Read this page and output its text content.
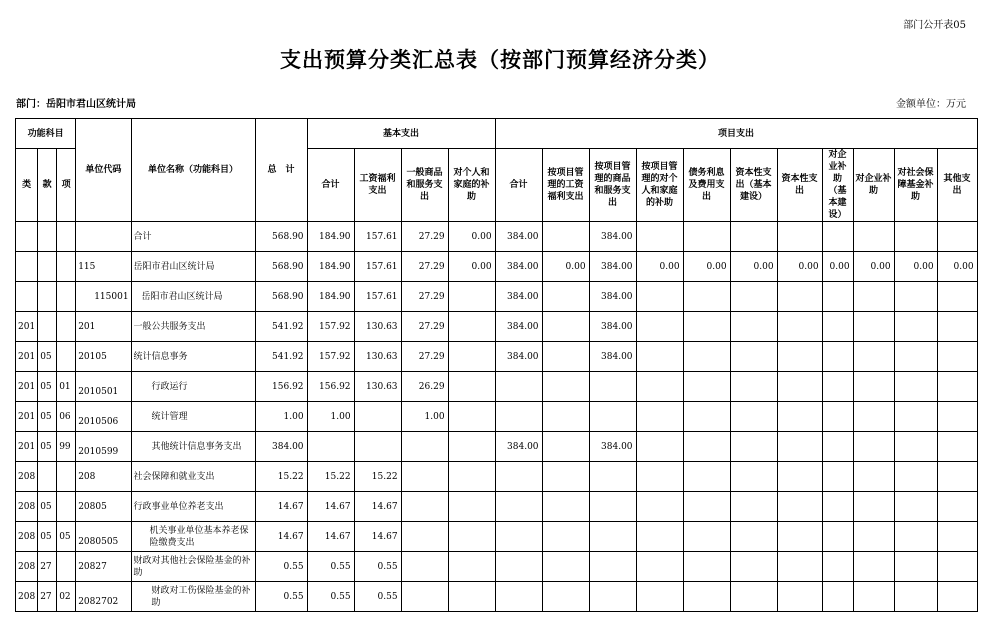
部门公开表05
支出预算分类汇总表（按部门预算经济分类）
部门：岳阳市君山区统计局	金额单位：万元
功能科目			单位代码	单位名称（功能科目）	总　计	基本支出				项目支出										
类	款	项				合计	工资福利支出	一般商品和服务支出	对个人和家庭的补助	合计	按项目管理的工资福利支出	按项目管理的商品和服务支出	按项目管理的对个人和家庭的补助	债务利息及费用支出	资本性支出（基本建设）	资本性支出	对企业补助（基本建设）	对企业补助	对社会保障基金补助	其他支出
				合计	568.90	184.90	157.61	27.29	0.00	384.00		384.00								
			115	岳阳市君山区统计局	568.90	184.90	157.61	27.29	0.00	384.00	0.00	384.00	0.00	0.00	0.00	0.00	0.00	0.00	0.00	0.00
			115001	岳阳市君山区统计局	568.90	184.90	157.61	27.29		384.00		384.00								
201			201	一般公共服务支出	541.92	157.92	130.63	27.29		384.00		384.00								
201	05		20105	统计信息事务	541.92	157.92	130.63	27.29		384.00		384.00								
201	05	01	2010501	行政运行	156.92	156.92	130.63	26.29												
201	05	06	2010506	统计管理	1.00	1.00		1.00												
201	05	99	2010599	其他统计信息事务支出	384.00					384.00		384.00								
208			208	社会保障和就业支出	15.22	15.22	15.22													
208	05		20805	行政事业单位养老支出	14.67	14.67	14.67													
208	05	05	2080505	机关事业单位基本养老保险缴费支出	14.67	14.67	14.67													
208	27		20827	财政对其他社会保险基金的补助	0.55	0.55	0.55													
208	27	02	2082702	财政对工伤保险基金的补助	0.55	0.55	0.55													
